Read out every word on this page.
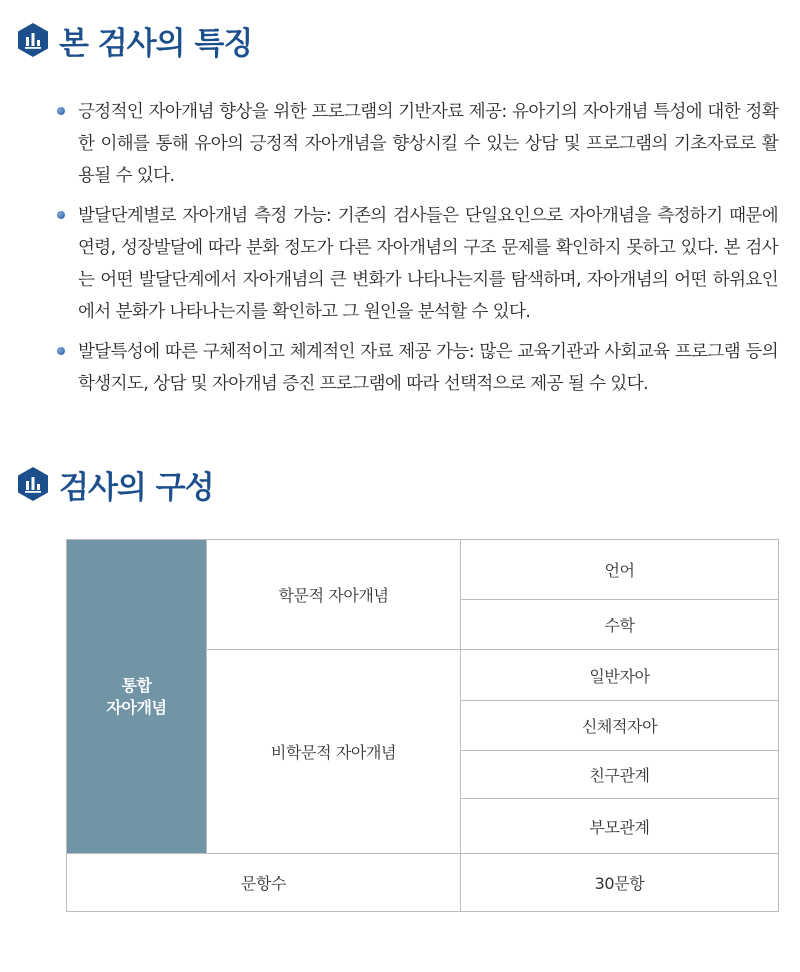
본 검사의 특징
긍정적인 자아개념 향상을 위한 프로그램의 기반자료 제공: 유아기의 자아개념 특성에 대한 정확한 이해를 통해 유아의 긍정적 자아개념을 향상시킬 수 있는 상담 및 프로그램의 기초자료로 활용될 수 있다.
발달단계별로 자아개념 측정 가능: 기존의 검사들은 단일요인으로 자아개념을 측정하기 때문에 연령, 성장발달에 따라 분화 정도가 다른 자아개념의 구조 문제를 확인하지 못하고 있다. 본 검사는 어떤 발달단계에서 자아개념의 큰 변화가 나타나는지를 탐색하며, 자아개념의 어떤 하위요인에서 분화가 나타나는지를 확인하고 그 원인을 분석할 수 있다.
발달특성에 따른 구체적이고 체계적인 자료 제공 가능: 많은 교육기관과 사회교육 프로그램 등의 학생지도, 상담 및 자아개념 증진 프로그램에 따라 선택적으로 제공 될 수 있다.
검사의 구성
통합
자아개념	학문적 자아개념	언어
		수학
	비학문적 자아개념	일반자아
		신체적자아
		친구관계
		부모관계
문항수		30문항
